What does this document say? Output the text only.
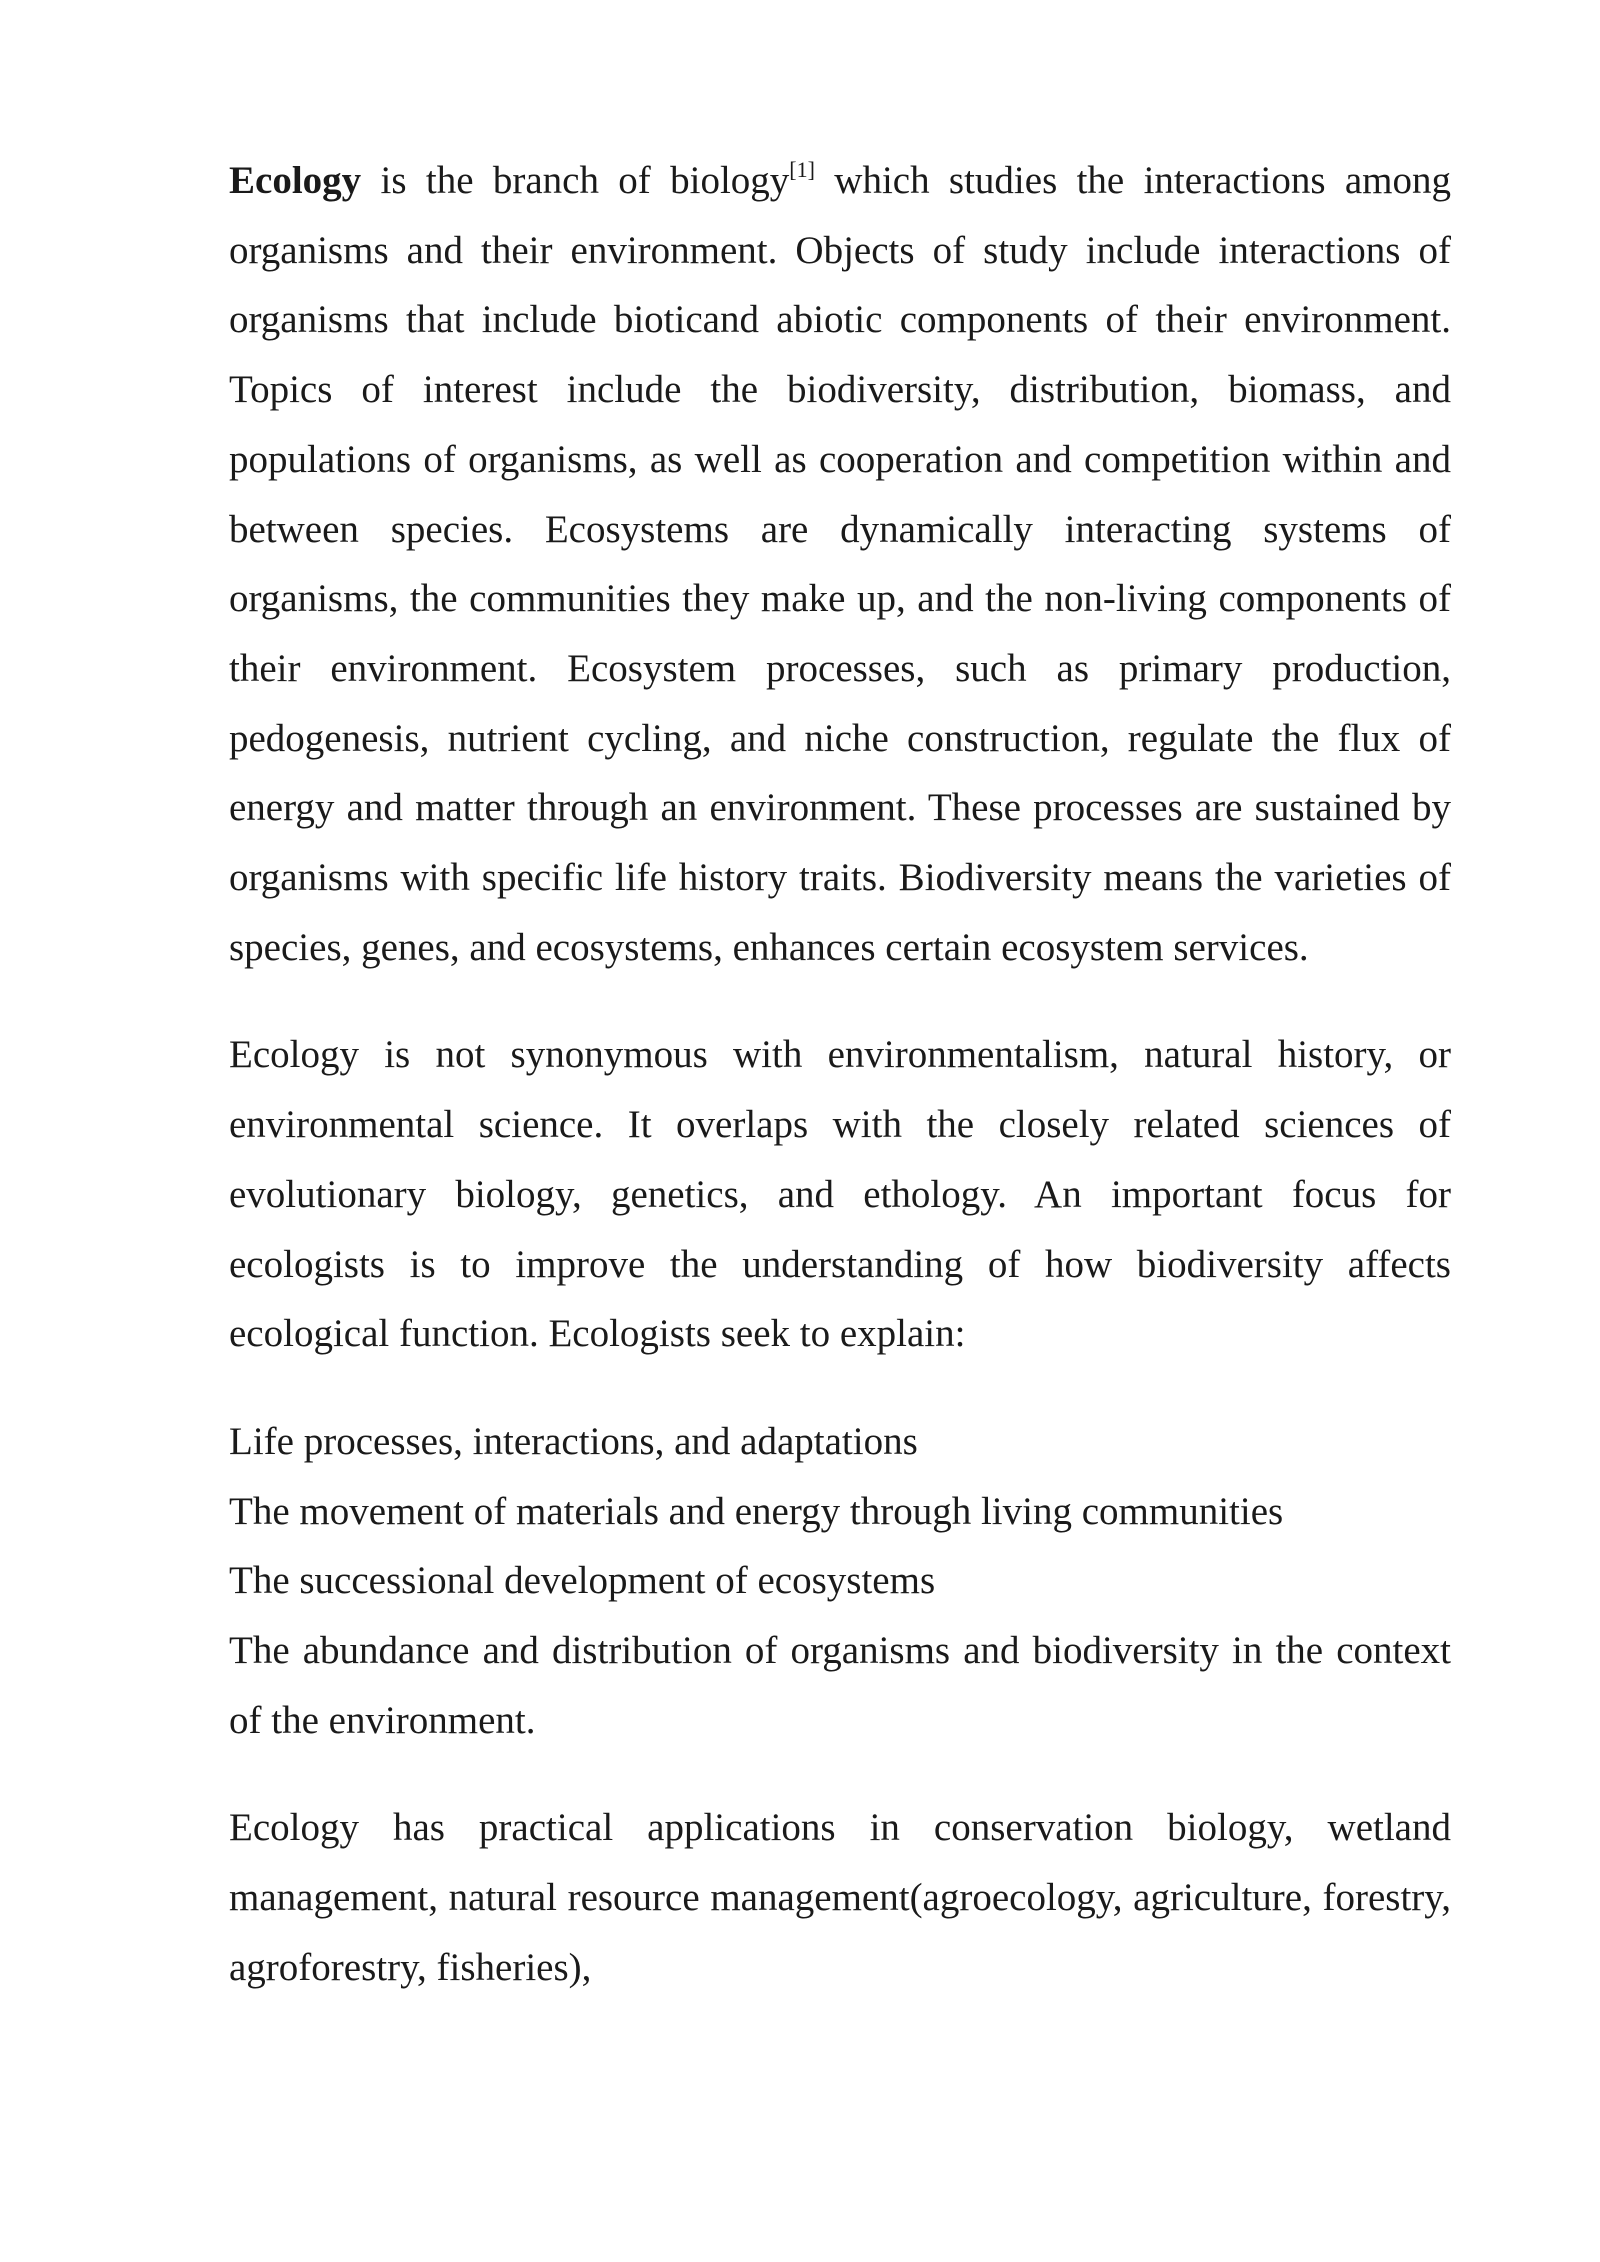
Ecology is the branch of biology[1] which studies the interactions among organisms and their environment. Objects of study include interactions of organisms that include bioticand abiotic components of their environment. Topics of interest include the biodiversity, distribution, biomass, and populations of organisms, as well as cooperation and competition within and between species. Ecosystems are dynamically interacting systems of organisms, the communities they make up, and the non-living components of their environment. Ecosystem processes, such as primary production, pedogenesis, nutrient cycling, and niche construction, regulate the flux of energy and matter through an environment. These processes are sustained by organisms with specific life history traits. Biodiversity means the varieties of species, genes, and ecosystems, enhances certain ecosystem services.

Ecology is not synonymous with environmentalism, natural history, or environmental science. It overlaps with the closely related sciences of evolutionary biology, genetics, and ethology. An important focus for ecologists is to improve the understanding of how biodiversity affects ecological function. Ecologists seek to explain:

Life processes, interactions, and adaptations
The movement of materials and energy through living communities
The successional development of ecosystems
The abundance and distribution of organisms and biodiversity in the context of the environment.

Ecology has practical applications in conservation biology, wetland management, natural resource management(agroecology, agriculture, forestry, agroforestry, fisheries),
